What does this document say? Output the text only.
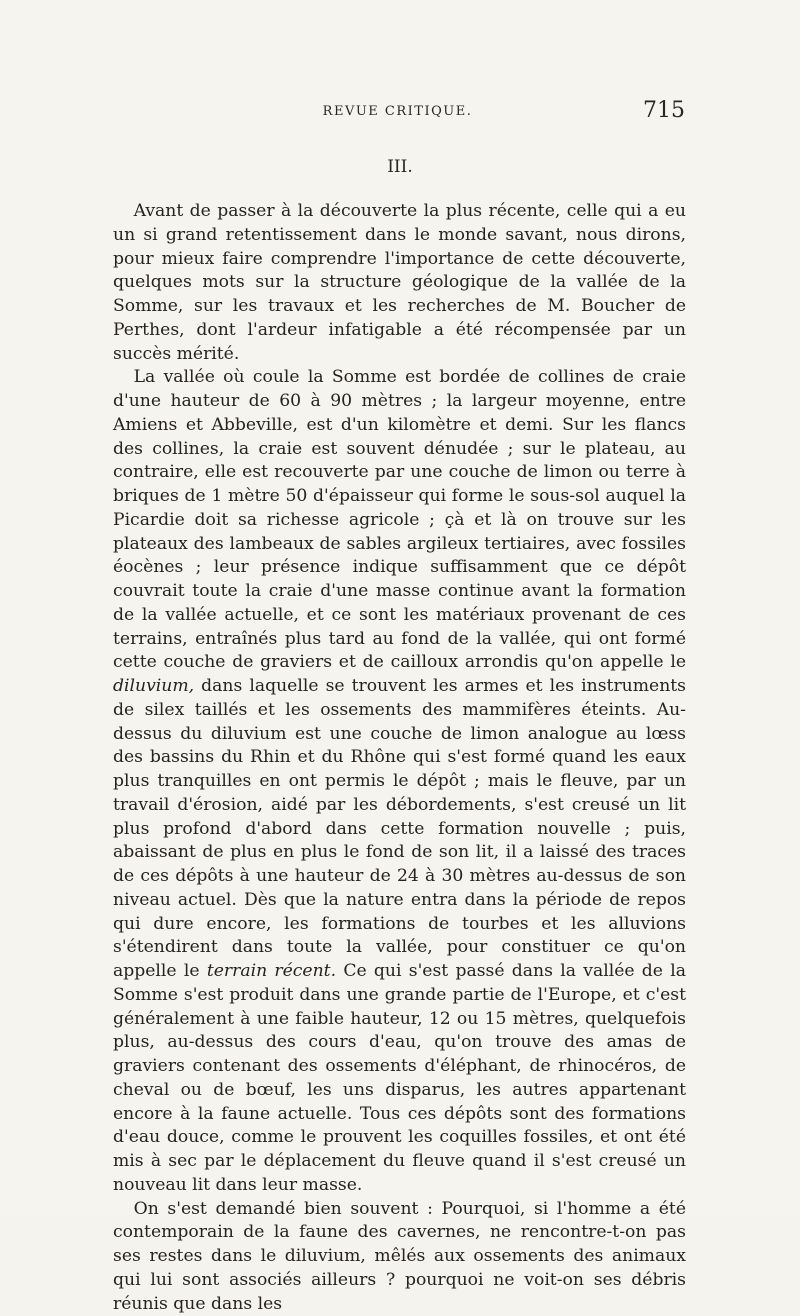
REVUE CRITIQUE.	715
III.

Avant de passer à la découverte la plus récente, celle qui a eu un si grand retentissement dans le monde savant, nous dirons, pour mieux faire comprendre l'importance de cette découverte, quelques mots sur la structure géologique de la vallée de la Somme, sur les travaux et les recherches de M. Boucher de Perthes, dont l'ardeur infatigable a été récompensée par un succès mérité.

La vallée où coule la Somme est bordée de collines de craie d'une hauteur de 60 à 90 mètres ; la largeur moyenne, entre Amiens et Abbeville, est d'un kilomètre et demi. Sur les flancs des collines, la craie est souvent dénudée ; sur le plateau, au contraire, elle est recouverte par une couche de limon ou terre à briques de 1 mètre 50 d'épaisseur qui forme le sous-sol auquel la Picardie doit sa richesse agricole ; çà et là on trouve sur les plateaux des lambeaux de sables argileux tertiaires, avec fossiles éocènes ; leur présence indique suffisamment que ce dépôt couvrait toute la craie d'une masse continue avant la formation de la vallée actuelle, et ce sont les matériaux provenant de ces terrains, entraînés plus tard au fond de la vallée, qui ont formé cette couche de graviers et de cailloux arrondis qu'on appelle le diluvium, dans laquelle se trouvent les armes et les instruments de silex taillés et les ossements des mammifères éteints. Au-dessus du diluvium est une couche de limon analogue au lœss des bassins du Rhin et du Rhône qui s'est formé quand les eaux plus tranquilles en ont permis le dépôt ; mais le fleuve, par un travail d'érosion, aidé par les débordements, s'est creusé un lit plus profond d'abord dans cette formation nouvelle ; puis, abaissant de plus en plus le fond de son lit, il a laissé des traces de ces dépôts à une hauteur de 24 à 30 mètres au-dessus de son niveau actuel. Dès que la nature entra dans la période de repos qui dure encore, les formations de tourbes et les alluvions s'étendirent dans toute la vallée, pour constituer ce qu'on appelle le terrain récent. Ce qui s'est passé dans la vallée de la Somme s'est produit dans une grande partie de l'Europe, et c'est généralement à une faible hauteur, 12 ou 15 mètres, quelquefois plus, au-dessus des cours d'eau, qu'on trouve des amas de graviers contenant des ossements d'éléphant, de rhinocéros, de cheval ou de bœuf, les uns disparus, les autres appartenant encore à la faune actuelle. Tous ces dépôts sont des formations d'eau douce, comme le prouvent les coquilles fossiles, et ont été mis à sec par le déplacement du fleuve quand il s'est creusé un nouveau lit dans leur masse.

On s'est demandé bien souvent : Pourquoi, si l'homme a été contemporain de la faune des cavernes, ne rencontre-t-on pas ses restes dans le diluvium, mêlés aux ossements des animaux qui lui sont associés ailleurs ? pourquoi ne voit-on ses débris réunis que dans les
